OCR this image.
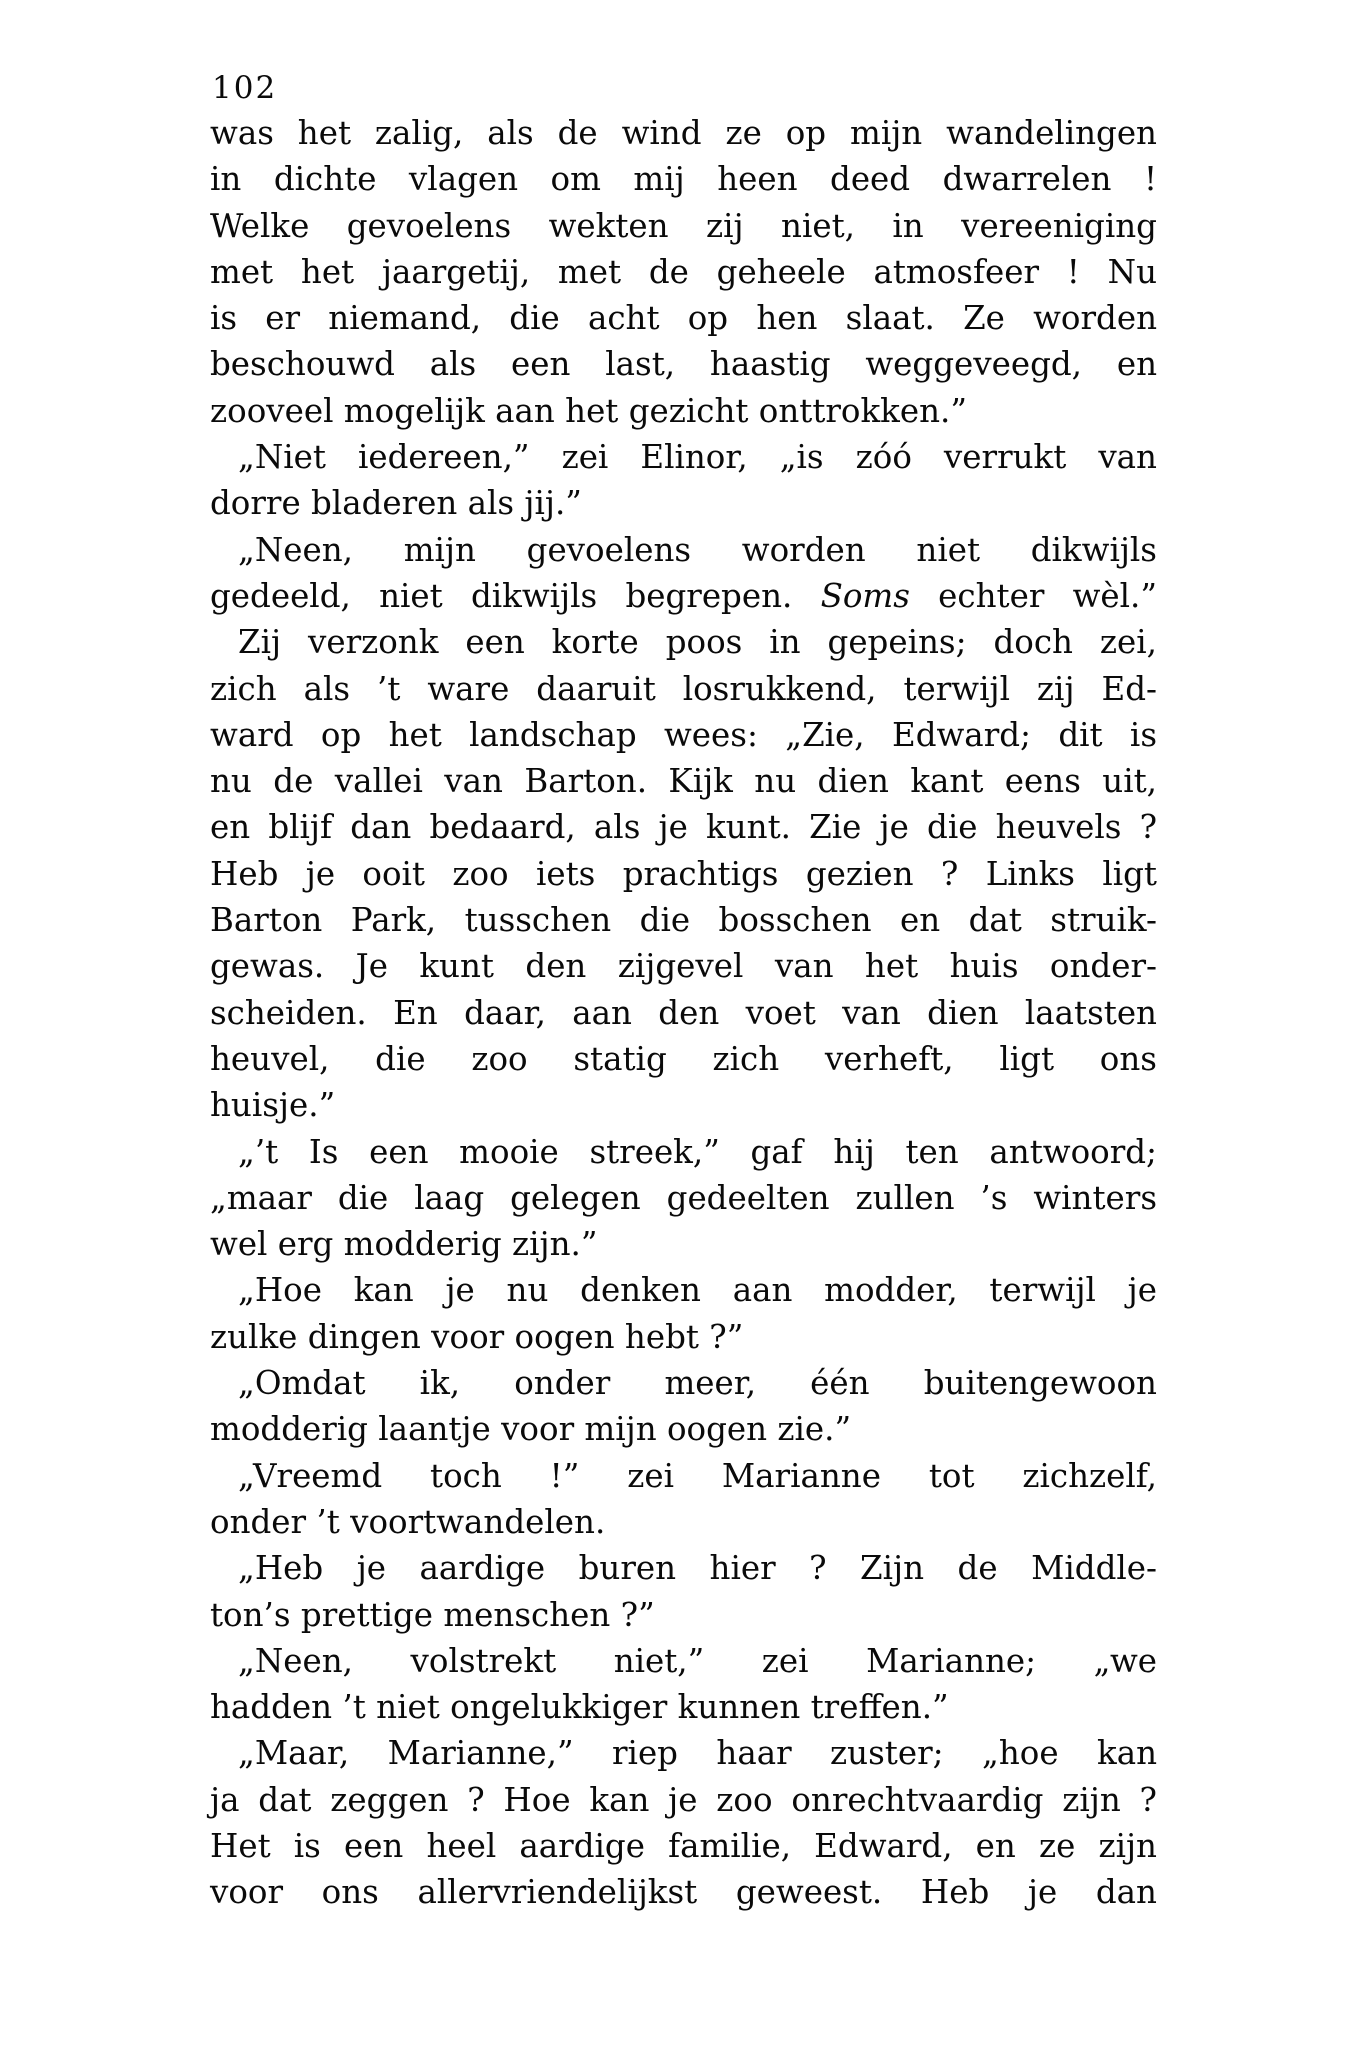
102
was het zalig, als de wind ze op mijn wandelingen
in dichte vlagen om mij heen deed dwarrelen !
Welke gevoelens wekten zij niet, in vereeniging
met het jaargetij, met de geheele atmosfeer ! Nu
is er niemand, die acht op hen slaat. Ze worden
beschouwd als een last, haastig weggeveegd, en
zooveel mogelijk aan het gezicht onttrokken.”
„Niet iedereen,” zei Elinor, „is zóó verrukt van
dorre bladeren als jij.”
„Neen, mijn gevoelens worden niet dikwijls
gedeeld, niet dikwijls begrepen. Soms echter wèl.”
Zij verzonk een korte poos in gepeins; doch zei,
zich als ’t ware daaruit losrukkend, terwijl zij Ed-
ward op het landschap wees: „Zie, Edward; dit is
nu de vallei van Barton. Kijk nu dien kant eens uit,
en blijf dan bedaard, als je kunt. Zie je die heuvels ?
Heb je ooit zoo iets prachtigs gezien ? Links ligt
Barton Park, tusschen die bosschen en dat struik-
gewas. Je kunt den zijgevel van het huis onder-
scheiden. En daar, aan den voet van dien laatsten
heuvel, die zoo statig zich verheft, ligt ons
huisje.”
„’t Is een mooie streek,” gaf hij ten antwoord;
„maar die laag gelegen gedeelten zullen ’s winters
wel erg modderig zijn.”
„Hoe kan je nu denken aan modder, terwijl je
zulke dingen voor oogen hebt ?”
„Omdat ik, onder meer, één buitengewoon
modderig laantje voor mijn oogen zie.”
„Vreemd toch !” zei Marianne tot zichzelf,
onder ’t voortwandelen.
„Heb je aardige buren hier ? Zijn de Middle-
ton’s prettige menschen ?”
„Neen, volstrekt niet,” zei Marianne; „we
hadden ’t niet ongelukkiger kunnen treffen.”
„Maar, Marianne,” riep haar zuster; „hoe kan
ja dat zeggen ? Hoe kan je zoo onrechtvaardig zijn ?
Het is een heel aardige familie, Edward, en ze zijn
voor ons allervriendelijkst geweest. Heb je dan
